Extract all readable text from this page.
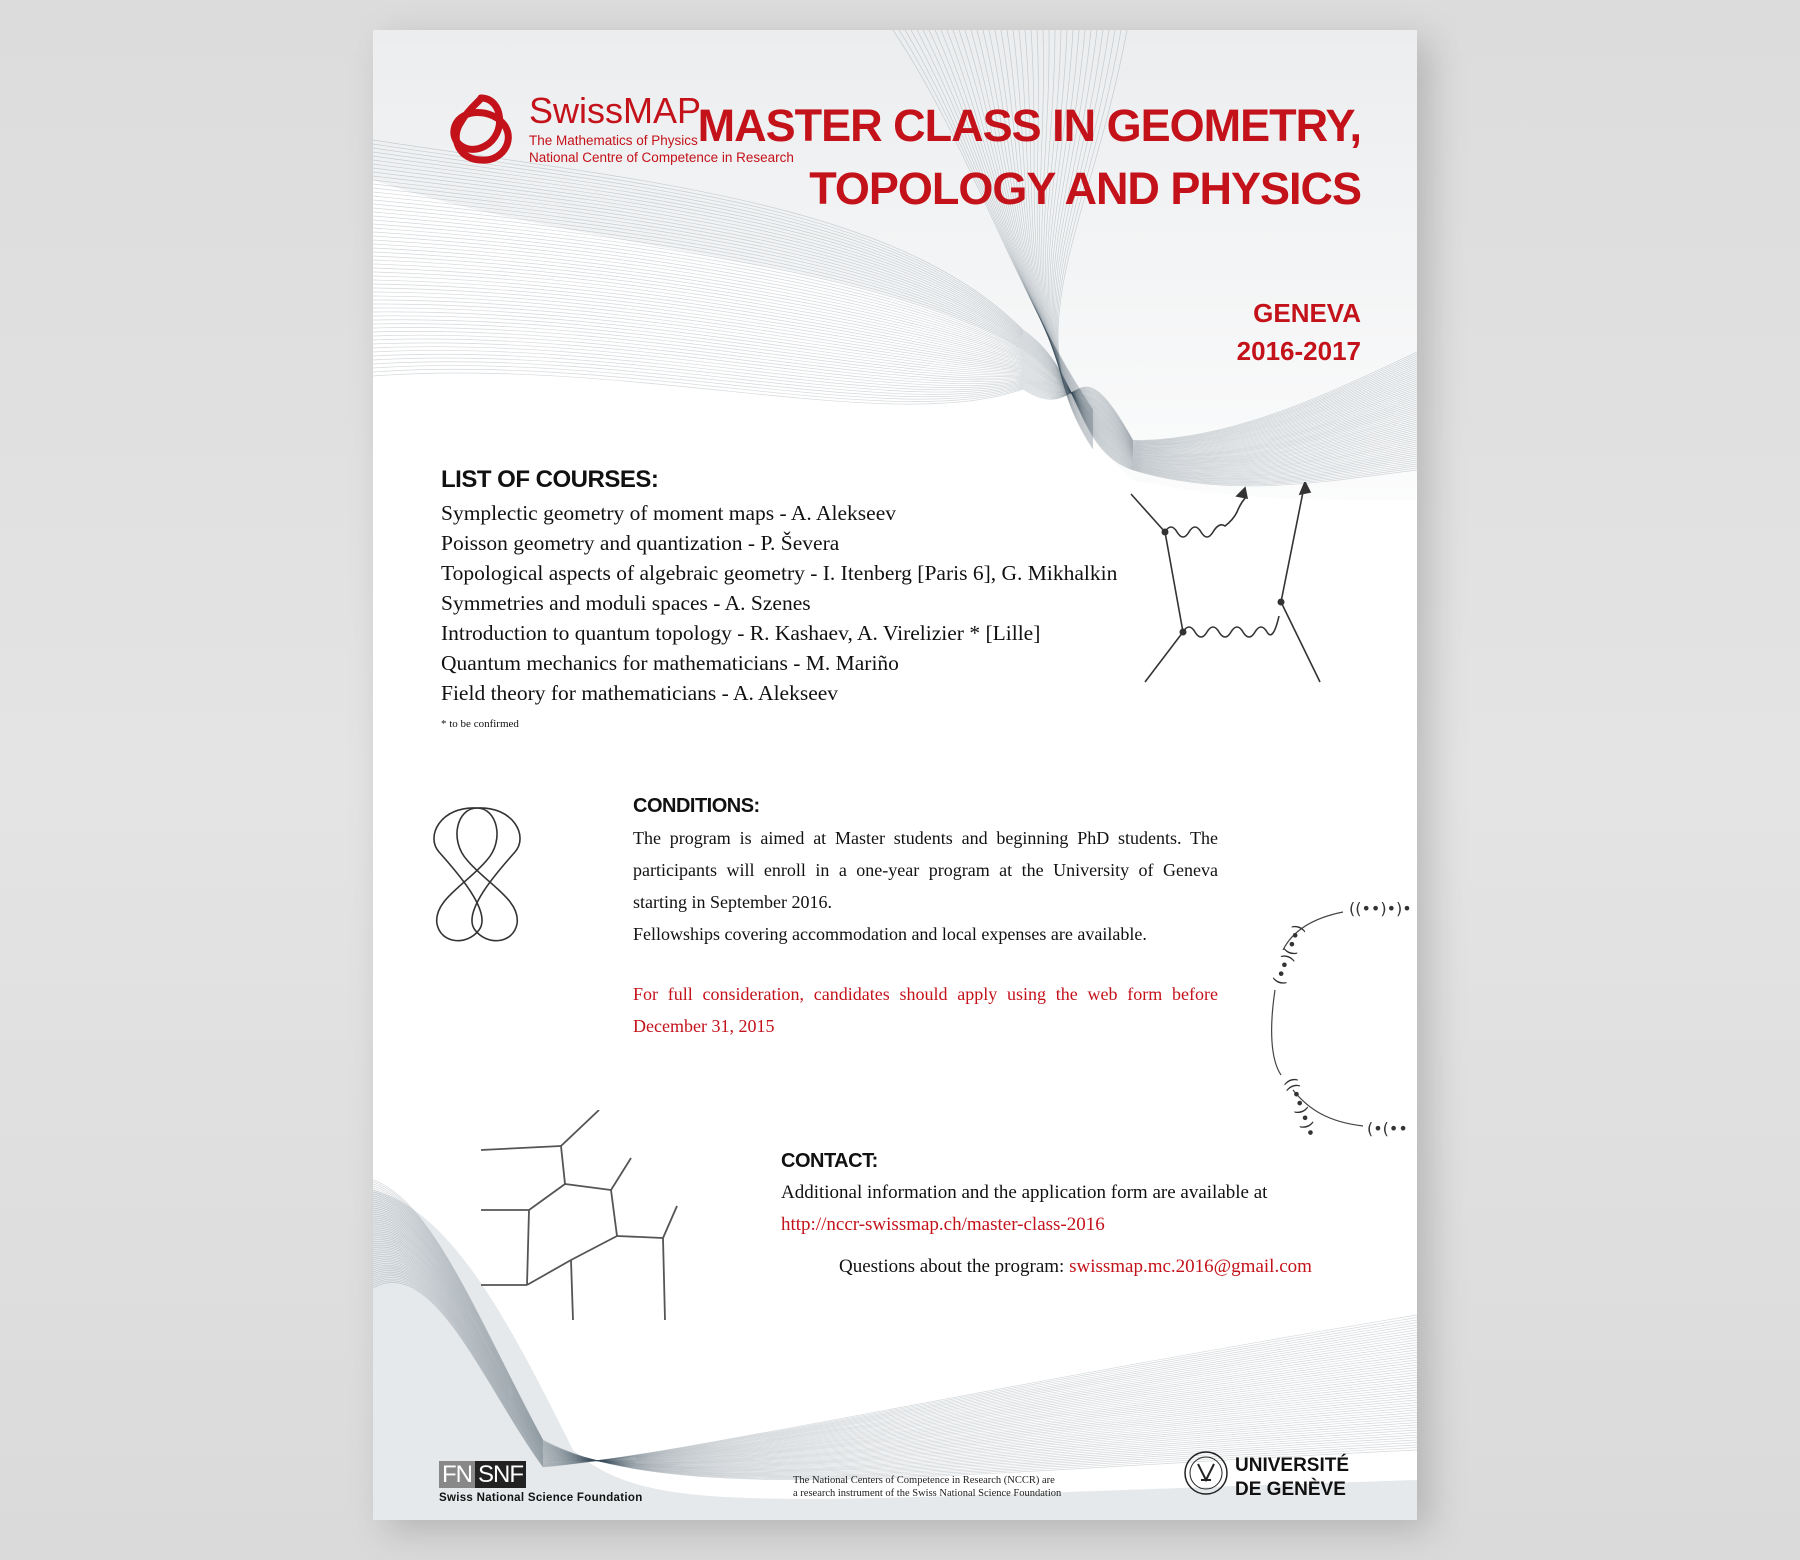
SwissMAP
The Mathematics of Physics
National Centre of Competence in Research
MASTER CLASS IN GEOMETRY,
TOPOLOGY AND PHYSICS
GENEVA
2016-2017
LIST OF COURSES:
Symplectic geometry of moment maps - A. Alekseev
Poisson geometry and quantization - P. Ševera
Topological aspects of algebraic geometry - I. Itenberg [Paris 6], G. Mikhalkin
Symmetries and moduli spaces - A. Szenes
Introduction to quantum topology - R. Kashaev, A. Virelizier * [Lille]
Quantum mechanics for mathematicians - M. Mariño
Field theory for mathematicians - A. Alekseev
* to be confirmed
CONDITIONS:
The program is aimed at Master students and beginning PhD students. The participants will enroll in a one-year program at the University of Geneva starting in September 2016.
Fellowships covering accommodation and local expenses are available.
For full consideration, candidates should apply using the web form before December 31, 2015
((••)•)•
(••)(••)
((••)•)•	(•(••
CONTACT:
Additional information and the application form are available at
http://nccr-swissmap.ch/master-class-2016
Questions about the program: swissmap.mc.2016@gmail.com
FN SNF
Swiss National Science Foundation
The National Centers of Competence in Research (NCCR) are
a research instrument of the Swiss National Science Foundation
UNIVERSITÉ
DE GENÈVE
